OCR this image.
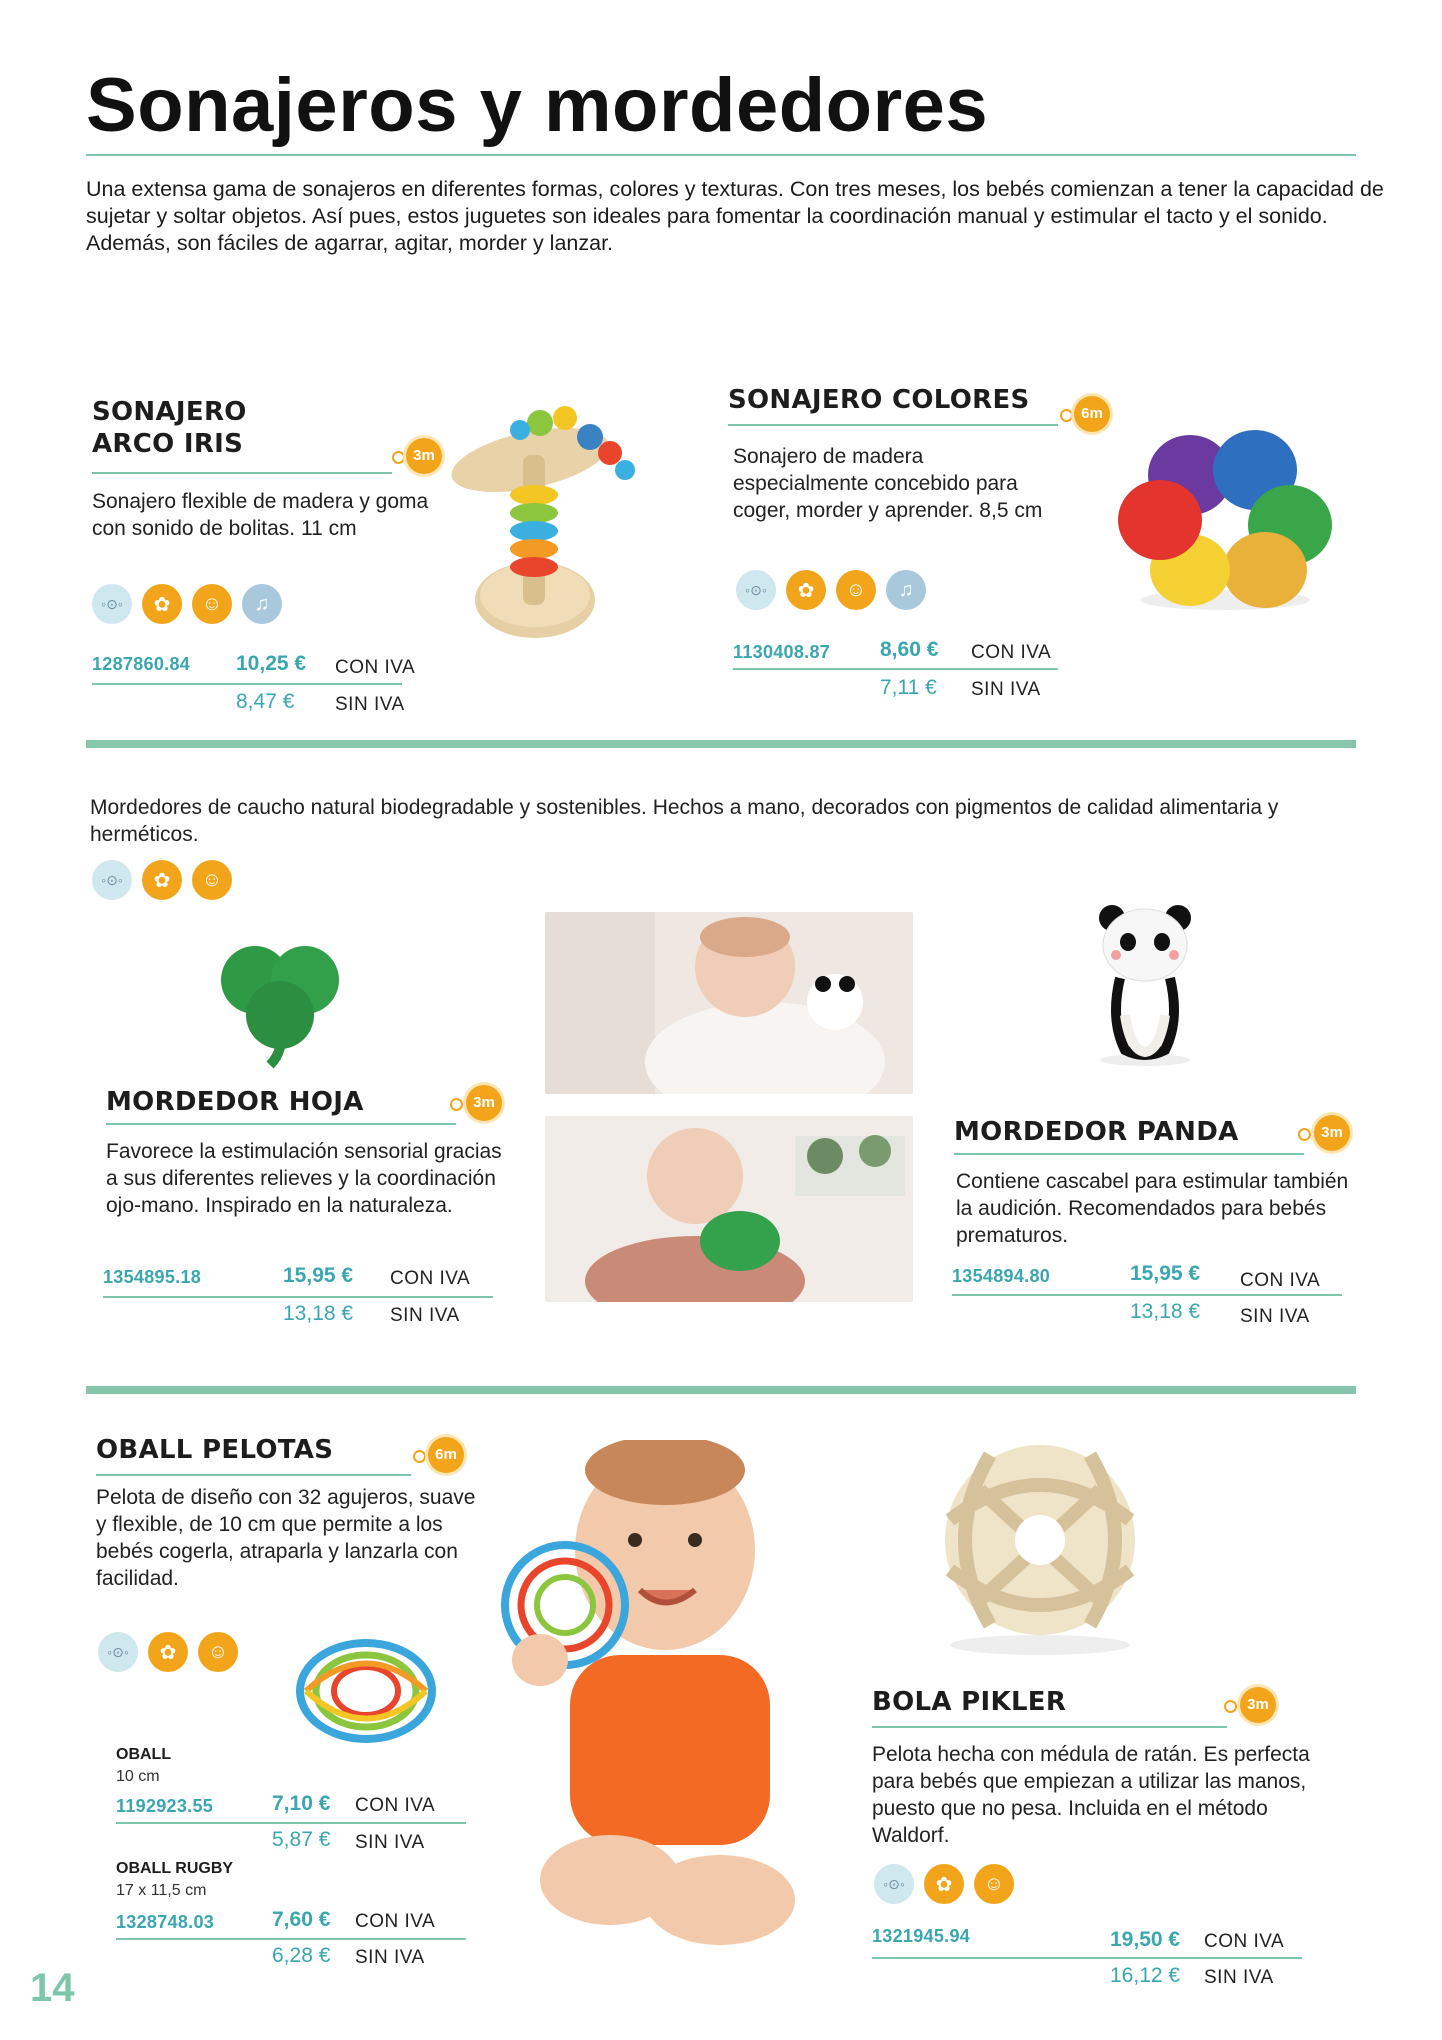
Sonajeros y mordedores
Una extensa gama de sonajeros en diferentes formas, colores y texturas. Con tres meses, los bebés comienzan a tener la capacidad de sujetar y soltar objetos. Así pues, estos juguetes son ideales para fomentar la coordinación manual y estimular el tacto y el sonido. Además, son fáciles de agarrar, agitar, morder y lanzar.
SONAJERO
ARCO IRIS	3m
Sonajero flexible de madera y goma con sonido de bolitas. 11 cm
◦⊙◦	✿	☺	♫
1287860.84 10,25 € CON IVA
8,47 € SIN IVA
SONAJERO COLORES	6m
Sonajero de madera especialmente concebido para coger, morder y aprender. 8,5 cm
◦⊙◦	✿	☺	♫
1130408.87 8,60 € CON IVA
7,11 € SIN IVA
Mordedores de caucho natural biodegradable y sostenibles. Hechos a mano, decorados con pigmentos de calidad alimentaria y herméticos.
◦⊙◦	✿	☺
MORDEDOR HOJA	3m
Favorece la estimulación sensorial gracias a sus diferentes relieves y la coordinación ojo-mano. Inspirado en la naturaleza.
1354895.18	15,95 € CON IVA
13,18 € SIN IVA
MORDEDOR PANDA	3m
Contiene cascabel para estimular también la audición. Recomendados para bebés prematuros.
1354894.80	15,95 € CON IVA
13,18 € SIN IVA
OBALL PELOTAS	6m
Pelota de diseño con 32 agujeros, suave y flexible, de 10 cm que permite a los bebés cogerla, atraparla y lanzarla con facilidad.
◦⊙◦	✿	☺
OBALL
10 cm
1192923.55	7,10 € CON IVA
5,87 € SIN IVA
OBALL RUGBY
17 x 11,5 cm
1328748.03	7,60 € CON IVA
6,28 € SIN IVA
BOLA PIKLER	3m
Pelota hecha con médula de ratán. Es perfecta para bebés que empiezan a utilizar las manos, puesto que no pesa. Incluida en el método Waldorf.
◦⊙◦	✿	☺
1321945.94	19,50 € CON IVA
16,12 € SIN IVA
14
